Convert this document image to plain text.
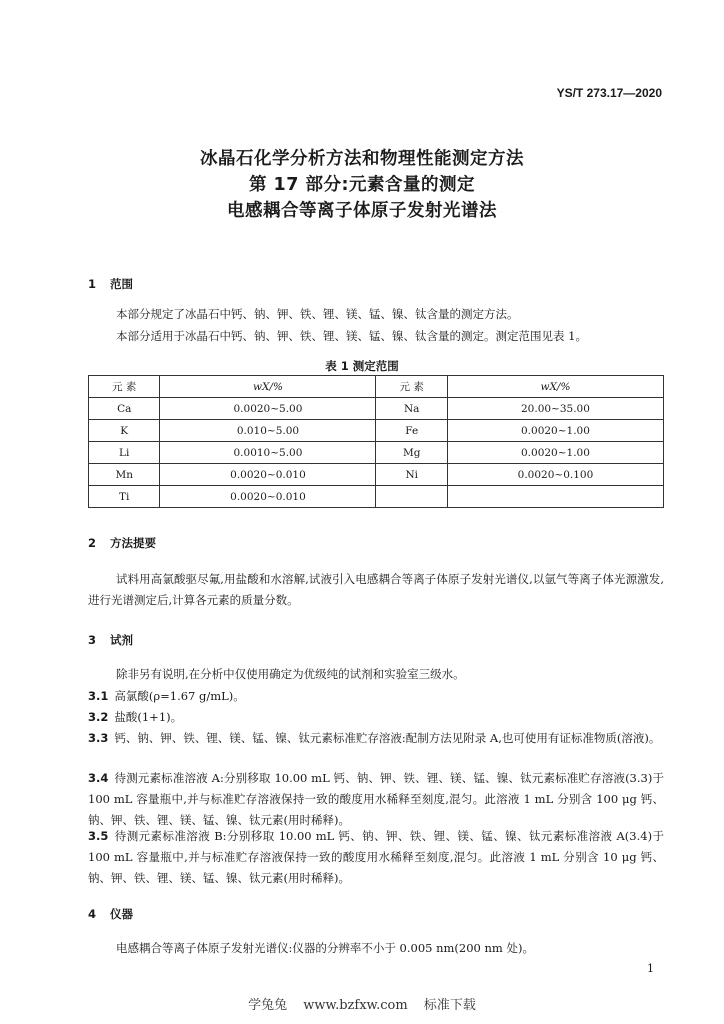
YS/T 273.17—2020
冰晶石化学分析方法和物理性能测定方法
第 17 部分:元素含量的测定
电感耦合等离子体原子发射光谱法
1 范围
本部分规定了冰晶石中钙、钠、钾、铁、锂、镁、锰、镍、钛含量的测定方法。
本部分适用于冰晶石中钙、钠、钾、铁、锂、镁、锰、镍、钛含量的测定。测定范围见表 1。
表 1 测定范围
元 素	wX/%	元 素	wX/%
Ca	0.0020~5.00	Na	20.00~35.00
K	0.010~5.00	Fe	0.0020~1.00
Li	0.0010~5.00	Mg	0.0020~1.00
Mn	0.0020~0.010	Ni	0.0020~0.100
Ti	0.0020~0.010		
2 方法提要
试料用高氯酸驱尽氟,用盐酸和水溶解,试液引入电感耦合等离子体原子发射光谱仪,以氩气等离子体光源激发,进行光谱测定后,计算各元素的质量分数。
3 试剂
除非另有说明,在分析中仅使用确定为优级纯的试剂和实验室三级水。
3.1 高氯酸(ρ=1.67 g/mL)。
3.2 盐酸(1+1)。
3.3 钙、钠、钾、铁、锂、镁、锰、镍、钛元素标准贮存溶液:配制方法见附录 A,也可使用有证标准物质(溶液)。
3.4 待测元素标准溶液 A:分别移取 10.00 mL 钙、钠、钾、铁、锂、镁、锰、镍、钛元素标准贮存溶液(3.3)于 100 mL 容量瓶中,并与标准贮存溶液保持一致的酸度用水稀释至刻度,混匀。此溶液 1 mL 分别含 100 μg 钙、钠、钾、铁、锂、镁、锰、镍、钛元素(用时稀释)。
3.5 待测元素标准溶液 B:分别移取 10.00 mL 钙、钠、钾、铁、锂、镁、锰、镍、钛元素标准溶液 A(3.4)于 100 mL 容量瓶中,并与标准贮存溶液保持一致的酸度用水稀释至刻度,混匀。此溶液 1 mL 分别含 10 μg 钙、钠、钾、铁、锂、镁、锰、镍、钛元素(用时稀释)。
4 仪器
电感耦合等离子体原子发射光谱仪:仪器的分辨率不小于 0.005 nm(200 nm 处)。
1
学兔兔 www.bzfxw.com 标准下载
